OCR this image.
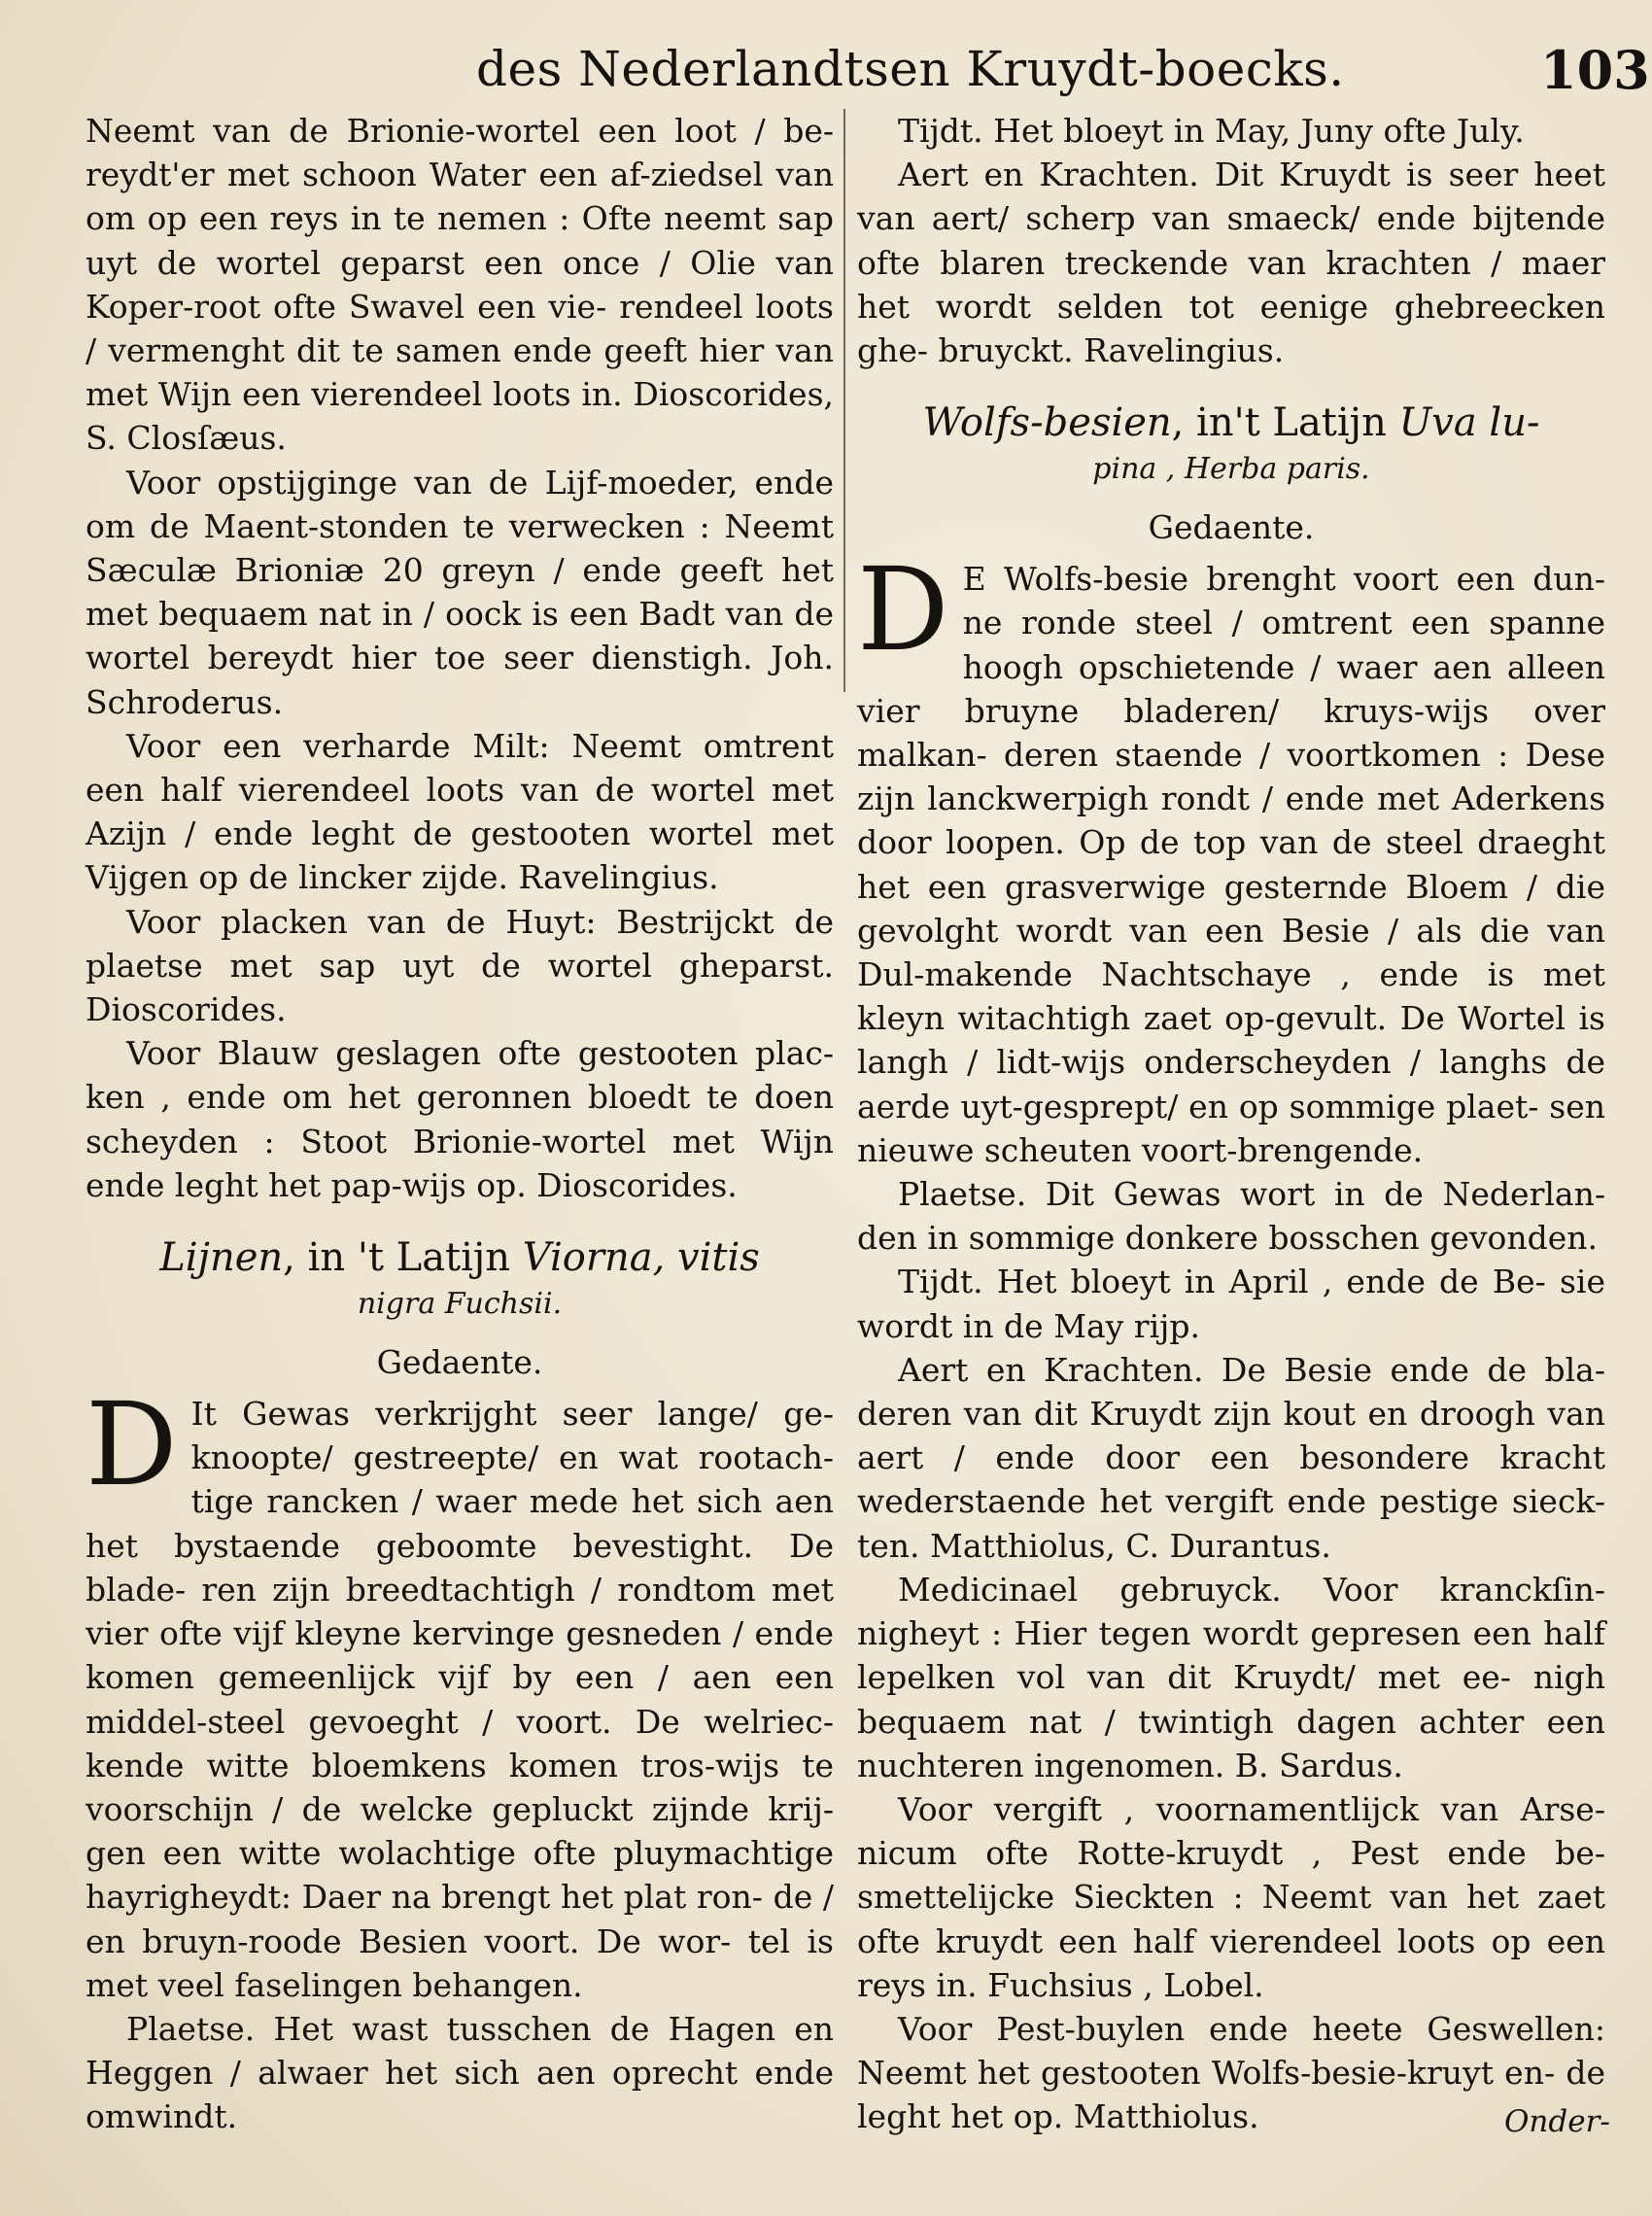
des Nederlandtsen Kruydt-boecks.	103

Neemt van de Brionie-wortel een loot / be- reydt'er met schoon Water een af-ziedsel van om op een reys in te nemen : Ofte neemt sap uyt de wortel geparst een once / Olie van Koper-root ofte Swavel een vie- rendeel loots / vermenght dit te samen ende geeft hier van met Wijn een vierendeel loots in. Dioscorides, S. Closſæus.

Voor opstijginge van de Lijf-moeder, ende om de Maent-stonden te verwecken : Neemt Sæculæ Brioniæ 20 greyn / ende geeft het met bequaem nat in / oock is een Badt van de wortel bereydt hier toe seer dienstigh. Joh. Schroderus.

Voor een verharde Milt: Neemt omtrent een half vierendeel loots van de wortel met Azijn / ende leght de gestooten wortel met Vijgen op de lincker zijde. Ravelingius.

Voor placken van de Huyt: Bestrijckt de plaetse met sap uyt de wortel gheparst. Dioscorides.

Voor Blauw geslagen ofte gestooten plac- ken , ende om het geronnen bloedt te doen scheyden : Stoot Brionie-wortel met Wijn ende leght het pap-wijs op. Dioscorides.

Lijnen, in 't Latijn Viorna, vitis

nigra Fuchsii.

Gedaente.

D It Gewas verkrijght seer lange/ ge- knoopte/ gestreepte/ en wat rootach- tige rancken / waer mede het sich aen het bystaende geboomte bevestight. De blade- ren zijn breedtachtigh / rondtom met vier ofte vijf kleyne kervinge gesneden / ende komen gemeenlijck vijf by een / aen een middel-steel gevoeght / voort. De welriec- kende witte bloemkens komen tros-wijs te voorschijn / de welcke gepluckt zijnde krij- gen een witte wolachtige ofte pluymachtige hayrigheydt: Daer na brengt het plat ron- de / en bruyn-roode Besien voort. De wor- tel is met veel faselingen behangen.

Plaetse. Het wast tusschen de Hagen en Heggen / alwaer het sich aen oprecht ende omwindt.

Tijdt. Het bloeyt in May, Juny ofte July.

Aert en Krachten. Dit Kruydt is seer heet van aert/ scherp van smaeck/ ende bijtende ofte blaren treckende van krachten / maer het wordt selden tot eenige ghebreecken ghe- bruyckt. Ravelingius.

Wolfs-besien, in't Latijn Uva lu-

pina , Herba paris.

Gedaente.

D E Wolfs-besie brenght voort een dun- ne ronde steel / omtrent een spanne hoogh opschietende / waer aen alleen vier bruyne bladeren/ kruys-wijs over malkan- deren staende / voortkomen : Dese zijn lanckwerpigh rondt / ende met Aderkens door loopen. Op de top van de steel draeght het een grasverwige gesternde Bloem / die gevolght wordt van een Besie / als die van Dul-makende Nachtschaye , ende is met kleyn witachtigh zaet op-gevult. De Wortel is langh / lidt-wijs onderscheyden / langhs de aerde uyt-gesprept/ en op sommige plaet- sen nieuwe scheuten voort-brengende.

Plaetse. Dit Gewas wort in de Nederlan- den in sommige donkere bosschen gevonden.

Tijdt. Het bloeyt in April , ende de Be- sie wordt in de May rijp.

Aert en Krachten. De Besie ende de bla- deren van dit Kruydt zijn kout en droogh van aert / ende door een besondere kracht wederstaende het vergift ende pestige sieck- ten. Matthiolus, C. Durantus.

Medicinael gebruyck. Voor kranckſin- nigheyt : Hier tegen wordt gepresen een half lepelken vol van dit Kruydt/ met ee- nigh bequaem nat / twintigh dagen achter een nuchteren ingenomen. B. Sardus.

Voor vergift , voornamentlijck van Arse- nicum ofte Rotte-kruydt , Pest ende be- smettelijcke Sieckten : Neemt van het zaet ofte kruydt een half vierendeel loots op een reys in. Fuchsius , Lobel.

Voor Pest-buylen ende heete Geswellen: Neemt het gestooten Wolfs-besie-kruyt en- de leght het op. Matthiolus.	Onder-
